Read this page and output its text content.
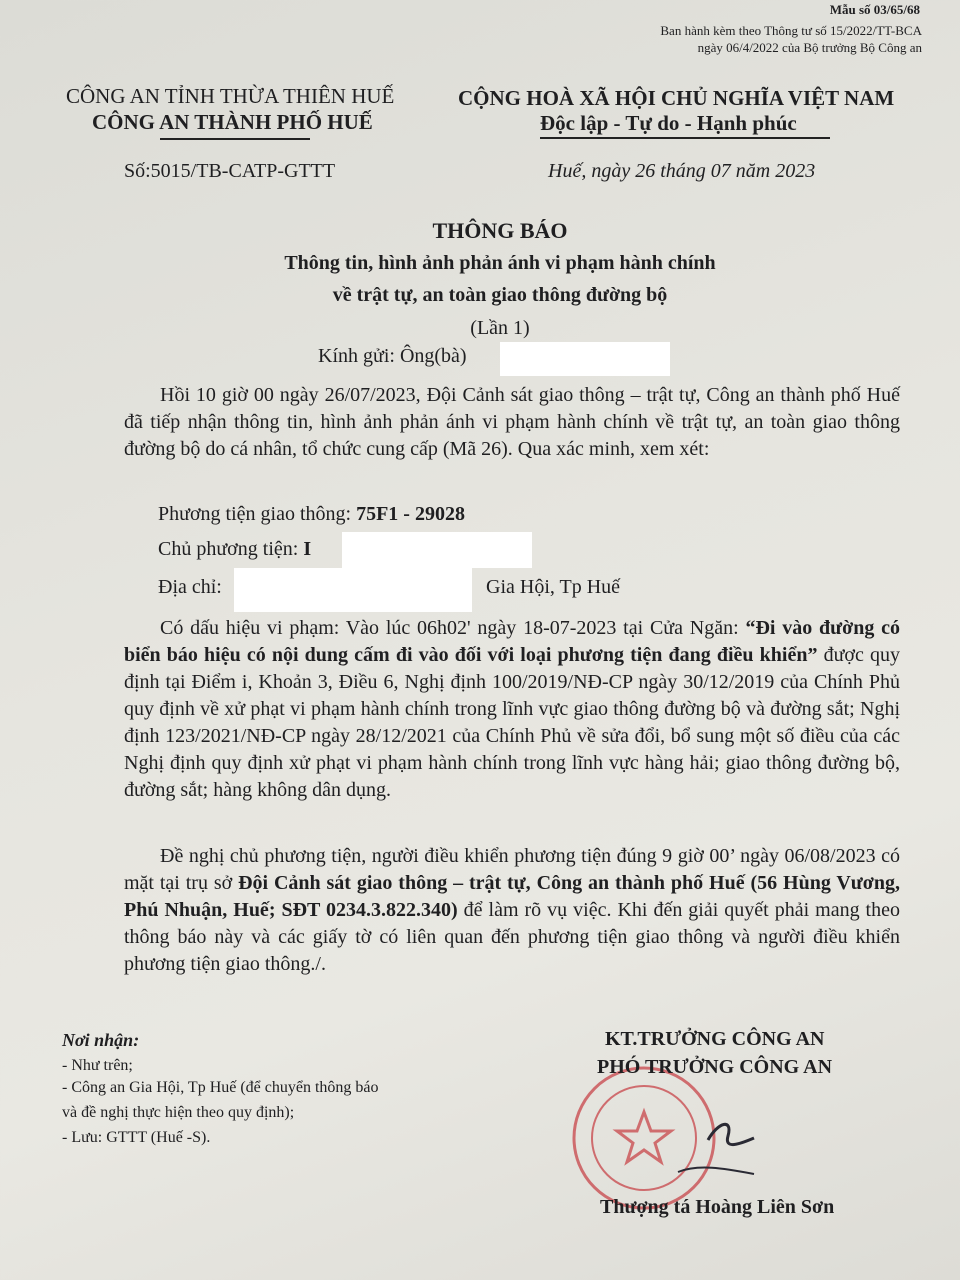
Mẫu số 03/65/68
Ban hành kèm theo Thông tư số 15/2022/TT-BCA
ngày 06/4/2022 của Bộ trưởng Bộ Công an
CÔNG AN TỈNH THỪA THIÊN HUẾ
CÔNG AN THÀNH PHỐ HUẾ
CỘNG HOÀ XÃ HỘI CHỦ NGHĨA VIỆT NAM
Độc lập - Tự do - Hạnh phúc
Số:5015/TB-CATP-GTTT	Huế, ngày 26 tháng 07 năm 2023
THÔNG BÁO
Thông tin, hình ảnh phản ánh vi phạm hành chính
về trật tự, an toàn giao thông đường bộ
(Lần 1)
Kính gửi: Ông(bà)
Hồi 10 giờ 00 ngày 26/07/2023, Đội Cảnh sát giao thông – trật tự, Công an thành phố Huế đã tiếp nhận thông tin, hình ảnh phản ánh vi phạm hành chính về trật tự, an toàn giao thông đường bộ do cá nhân, tổ chức cung cấp (Mã 26). Qua xác minh, xem xét:
Phương tiện giao thông: 75F1 - 29028
Chủ phương tiện: I
Địa chỉ:	Gia Hội, Tp Huế
Có dấu hiệu vi phạm: Vào lúc 06h02' ngày 18-07-2023 tại Cửa Ngăn: “Đi vào đường có biển báo hiệu có nội dung cấm đi vào đối với loại phương tiện đang điều khiển” được quy định tại Điểm i, Khoản 3, Điều 6, Nghị định 100/2019/NĐ-CP ngày 30/12/2019 của Chính Phủ quy định về xử phạt vi phạm hành chính trong lĩnh vực giao thông đường bộ và đường sắt; Nghị định 123/2021/NĐ-CP ngày 28/12/2021 của Chính Phủ về sửa đổi, bổ sung một số điều của các Nghị định quy định xử phạt vi phạm hành chính trong lĩnh vực hàng hải; giao thông đường bộ, đường sắt; hàng không dân dụng.
Đề nghị chủ phương tiện, người điều khiển phương tiện đúng 9 giờ 00’ ngày 06/08/2023 có mặt tại trụ sở Đội Cảnh sát giao thông – trật tự, Công an thành phố Huế (56 Hùng Vương, Phú Nhuận, Huế; SĐT 0234.3.822.340) để làm rõ vụ việc. Khi đến giải quyết phải mang theo thông báo này và các giấy tờ có liên quan đến phương tiện giao thông và người điều khiển phương tiện giao thông./.
Nơi nhận:
- Như trên;
- Công an Gia Hội, Tp Huế (để chuyển thông báo
và đề nghị thực hiện theo quy định);
- Lưu: GTTT (Huế -S).
KT.TRƯỞNG CÔNG AN
PHÓ TRƯỞNG CÔNG AN
Thượng tá Hoàng Liên Sơn
